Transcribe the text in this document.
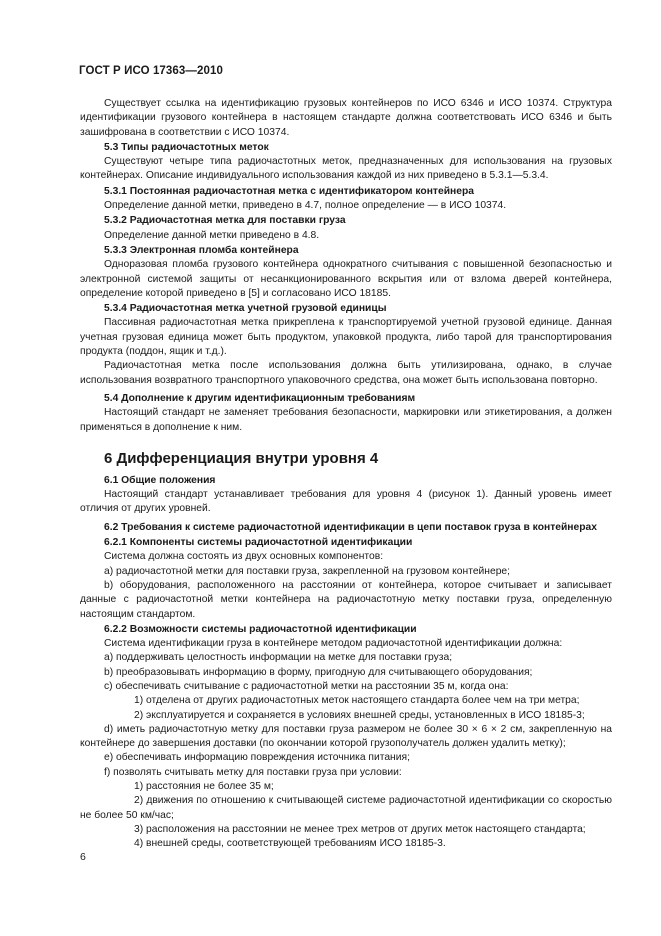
ГОСТ Р ИСО 17363—2010

Существует ссылка на идентификацию грузовых контейнеров по ИСО 6346 и ИСО 10374. Структура идентификации грузового контейнера в настоящем стандарте должна соответствовать ИСО 6346 и быть зашифрована в соответствии с ИСО 10374.

5.3 Типы радиочастотных меток

Существуют четыре типа радиочастотных меток, предназначенных для использования на грузовых контейнерах. Описание индивидуального использования каждой из них приведено в 5.3.1—5.3.4.

5.3.1 Постоянная радиочастотная метка с идентификатором контейнера

Определение данной метки, приведено в 4.7, полное определение — в ИСО 10374.

5.3.2 Радиочастотная метка для поставки груза

Определение данной метки приведено в 4.8.

5.3.3 Электронная пломба контейнера

Одноразовая пломба грузового контейнера однократного считывания с повышенной безопасностью и электронной системой защиты от несанкционированного вскрытия или от взлома дверей контейнера, определение которой приведено в [5] и согласовано ИСО 18185.

5.3.4 Радиочастотная метка учетной грузовой единицы

Пассивная радиочастотная метка прикреплена к транспортируемой учетной грузовой единице. Данная учетная грузовая единица может быть продуктом, упаковкой продукта, либо тарой для транспортирования продукта (поддон, ящик и т.д.).

Радиочастотная метка после использования должна быть утилизирована, однако, в случае использования возвратного транспортного упаковочного средства, она может быть использована повторно.

5.4 Дополнение к другим идентификационным требованиям

Настоящий стандарт не заменяет требования безопасности, маркировки или этикетирования, а должен применяться в дополнение к ним.

6 Дифференциация внутри уровня 4

6.1 Общие положения

Настоящий стандарт устанавливает требования для уровня 4 (рисунок 1). Данный уровень имеет отличия от других уровней.

6.2 Требования к системе радиочастотной идентификации в цепи поставок груза в контейнерах

6.2.1 Компоненты системы радиочастотной идентификации

Система должна состоять из двух основных компонентов:

а) радиочастотной метки для поставки груза, закрепленной на грузовом контейнере;

b) оборудования, расположенного на расстоянии от контейнера, которое считывает и записывает данные с радиочастотной метки контейнера на радиочастотную метку поставки груза, определенную настоящим стандартом.

6.2.2 Возможности системы радиочастотной идентификации

Система идентификации груза в контейнере методом радиочастотной идентификации должна:

а) поддерживать целостность информации на метке для поставки груза;

b) преобразовывать информацию в форму, пригодную для считывающего оборудования;

c) обеспечивать считывание с радиочастотной метки на расстоянии 35 м, когда она:

1) отделена от других радиочастотных меток настоящего стандарта более чем на три метра;

2) эксплуатируется и сохраняется в условиях внешней среды, установленных в ИСО 18185-3;

d) иметь радиочастотную метку для поставки груза размером не более 30 × 6 × 2 см, закрепленную на контейнере до завершения доставки (по окончании которой грузополучатель должен удалить метку);

e) обеспечивать информацию повреждения источника питания;

f) позволять считывать метку для поставки груза при условии:

1) расстояния не более 35 м;

2) движения по отношению к считывающей системе радиочастотной идентификации со скоростью не более 50 км/час;

3) расположения на расстоянии не менее трех метров от других меток настоящего стандарта;

4) внешней среды, соответствующей требованиям ИСО 18185-3.

6
